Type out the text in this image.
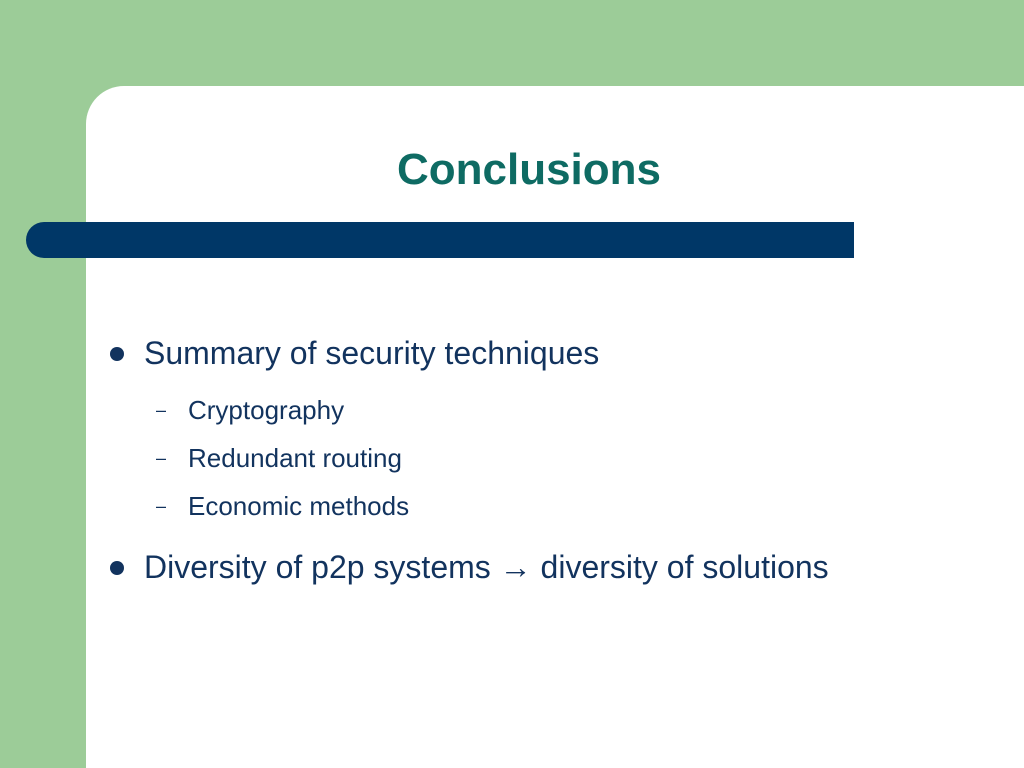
Conclusions
Summary of security techniques
– Cryptography
– Redundant routing
– Economic methods
Diversity of p2p systems → diversity of solutions
